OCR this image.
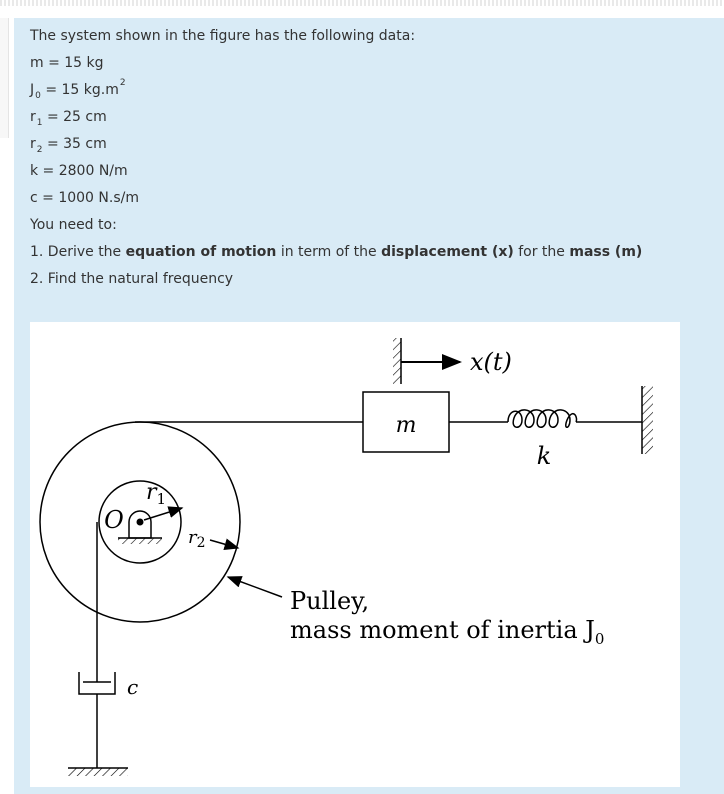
The system shown in the figure has the following data:
m = 15 kg
$J_0 = 15$ $kg.m^2$
$r_1 = 25$ cm
$r_2 = 35$ cm
k = 2800 N/m
c = 1000 N.s/m
You need to:
1. Derive the equation of motion in term of the displacement (x) for the mass (m)
2. Find the natural frequency
x(t)
m
k
O
$r_1$
$r_2$
Pulley,
mass moment of inertia $J_0$
c
